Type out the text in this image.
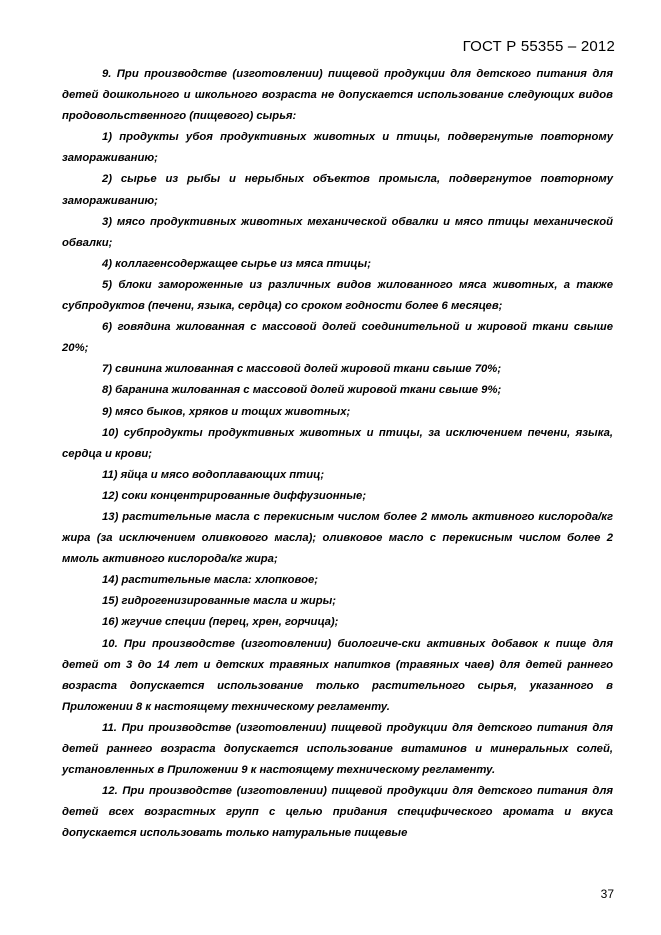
ГОСТ Р 55355 – 2012

9. При производстве (изготовлении) пищевой продукции для детского питания для детей дошкольного и школьного возраста не допускается использование следующих видов продовольственного (пищевого) сырья:

1) продукты убоя продуктивных животных и птицы, подвергнутые повторному замораживанию;

2) сырье из рыбы и нерыбных объектов промысла, подвергнутое повторному замораживанию;

3) мясо продуктивных животных механической обвалки и мясо птицы механической обвалки;

4) коллагенсодержащее сырье из мяса птицы;

5) блоки замороженные из различных видов жилованного мяса животных, а также субпродуктов (печени, языка, сердца) со сроком годности более 6 месяцев;

6) говядина жилованная с массовой долей соединительной и жировой ткани свыше 20%;

7) свинина жилованная с массовой долей жировой ткани свыше 70%;

8) баранина жилованная с массовой долей жировой ткани свыше 9%;

9) мясо быков, хряков и тощих животных;

10) субпродукты продуктивных животных и птицы, за исключением печени, языка, сердца и крови;

11) яйца и мясо водоплавающих птиц;

12) соки концентрированные диффузионные;

13) растительные масла с перекисным числом более 2 ммоль активного кислорода/кг жира (за исключением оливкового масла); оливковое масло с перекисным числом более 2 ммоль активного кислорода/кг жира;

14) растительные масла: хлопковое;

15) гидрогенизированные масла и жиры;

16) жгучие специи (перец, хрен, горчица);

10. При производстве (изготовлении) биологиче-ски активных добавок к пище для детей от 3 до 14 лет и детских травяных напитков (травяных чаев) для детей раннего возраста допускается использование только растительного сырья, указанного в Приложении 8 к настоящему техническому регламенту.

11. При производстве (изготовлении) пищевой продукции для детского питания для детей раннего возраста допускается использование витаминов и минеральных солей, установленных в Приложении 9 к настоящему техническому регламенту.

12. При производстве (изготовлении) пищевой продукции для детского питания для детей всех возрастных групп с целью придания специфического аромата и вкуса допускается использовать только натуральные пищевые

37
